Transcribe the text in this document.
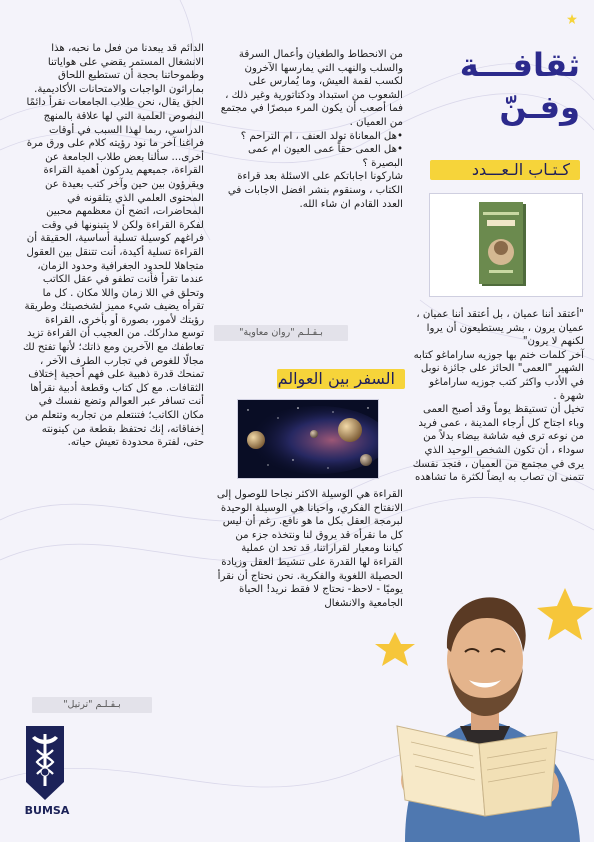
ثقافـــة
وفـنّ
كـتـاب الـعـــدد

"أعتقد أننا عميان ، بل أعتقد أننا عميان ، عميان يرون ، بشر يستطيعون أن يروا لكنهم لا يرون"

آخر كلمات ختم بها جوزيه ساراماغو كتابه الشهير "العمى" الحائز على جائزة نوبل في الأدب واكثر كتب جوزيه ساراماغو شهرة .

تخيل أن تستيقظ يوماً وقد أصبح العمى وباء اجتاح كل أرجاء المدينة ، عمى فريد من نوعه ترى فيه شاشة بيضاء بدلاً من سوداء ، أن تكون الشخص الوحيد الذي يرى في مجتمع من العميان ، فتجد نفسك تتمنى ان تصاب به ايضاً لكثرة ما تشاهده

من الانحطاط والطغيان وأعمال السرقة والسلب والنهب التي يمارسها الآخرون لكسب لقمة العيش، وما يُمارس على الشعوب من استبداد ودكتاتورية وغير ذلك ، فما أصعب أن يكون المرء مبصرًا في مجتمع من العميان .

•هل المعاناة تولد العنف ، ام التراحم ؟

•هل العمى حقاً عمى العيون ام عمى البصيرة ؟

شاركونا اجاباتكم على الاسئلة بعد قراءة الكتاب ، وسنقوم بنشر افضل الاجابات في العدد القادم ان شاء الله.

بـقـلـم "روان معاوية"
السفر بين العوالم

القراءة هي الوسيلة الاكثر نجاحا للوصول إلى الانفتاح الفكري، واحيانا هي الوسيلة الوحيدة لبرمجة العقل بكل ما هو نافع. رغم أن ليس كل ما نقرأه قد يروق لنا ونتخذه جزء من كياننا ومعيار لقراراتنا، قد تحد ان عملية القراءة لها القدرة على تنشيط العقل وزيادة الحصيلة اللغوية والفكرية. نحن نحتاج أن نقرأ يوميًا - لاحظ- نحتاج لا فقط نريد! الحياة الجامعية والانشغال

الدائم قد يبعدنا من فعل ما نحبه، هذا الانشغال المستمر يقضي على هواياتنا وطموحاتنا بحجة أن تستطيع اللحاق بماراثون الواجبات والامتحانات الأكاديمية. الحق يقال، نحن طلاب الجامعات نقرأ دائمًا النصوص العلمية التي لها علاقة بالمنهج الدراسي، ربما لهذا السبب في أوقات فراغنا آخر ما نود رؤيته كلام على ورق مرة أخرى... سألنا بعض طلاب الجامعة عن القراءة، جميعهم يدركون أهمية القراءة ويقرؤون بين حين وآخر كتب بعيدة عن المحتوى العلمي الذي يتلقونه في المحاضرات، اتضح أن معظمهم محبين لفكرة القراءة ولكن لا يتبنونها في وقت فراغهم كوسيلة تسلية أساسية، الحقيقة أن القراءة تسلية أكيدة، أنت تتنقل بين العقول متجاهلا للحدود الجغرافية وحدود الزمان، عندما تقرأ فأنت تطفو في عقل الكاتب وتحلق في اللا زمان واللا مكان . كل ما تقرأه يضيف شيء مميز لشخصيتك وطريقة رؤيتك لأمور، بصورة أو بأخرى، القراءة توسع مداركك. من العجيب أن القراءة تزيد تعاطفك مع الآخرين ومع ذاتك؛ لأنها تفتح لك مجالًا للغوص في تجارب الطرف الآخر ، تمنحك قدرة ذهبية على فهم أحجية إختلاف الثقافات. مع كل كتاب وقطعة أدبية نقرأها أنت تسافر عبر العوالم وتضع نفسك في مكان الكاتب؛ فتنتعلم من تجاربه وتتعلم من إخفاقاته، إنك تحتفظ بقطعة من كينونته حتى، لفترة محدودة تعيش حياته.

بـقـلـم "ترتيل"
BUMSA
